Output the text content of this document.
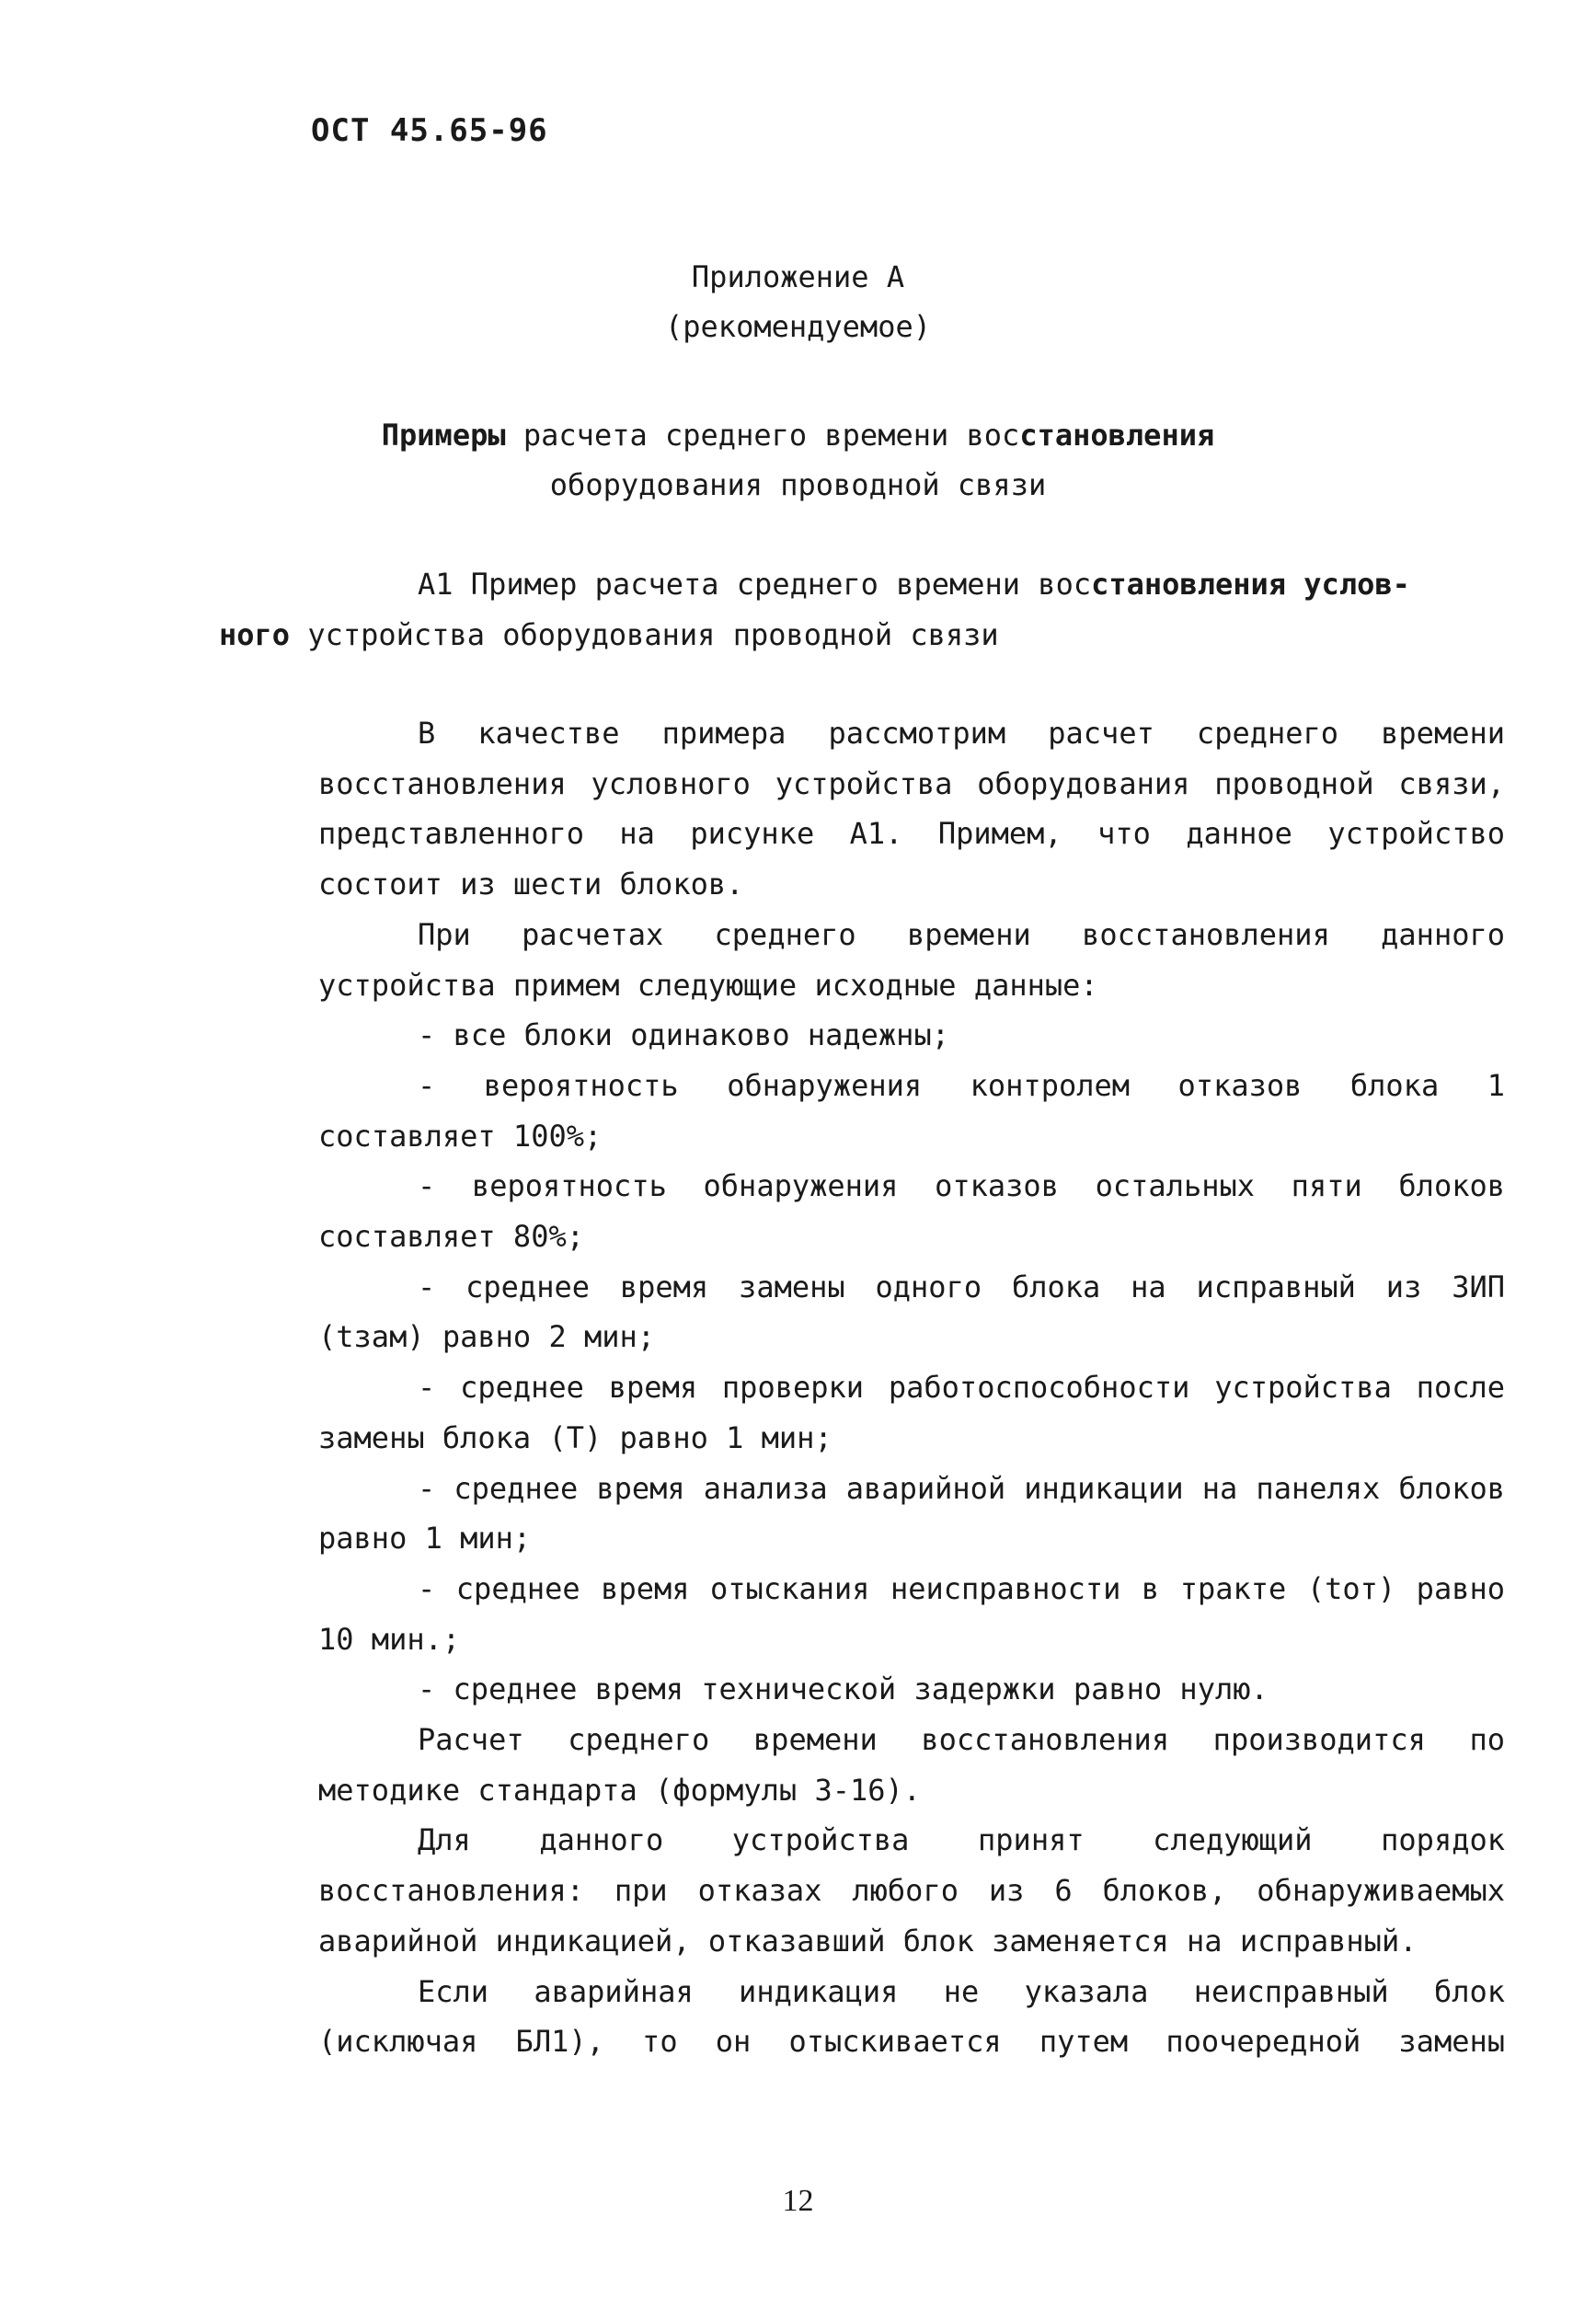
ОСТ 45.65-96
Приложение А
(рекомендуемое)
Примеры расчета среднего времени восстановления
оборудования проводной связи

А1 Пример расчета среднего времени восстановления услов-
ного устройства оборудования проводной связи

В качестве примера рассмотрим расчет среднего времени восстановления условного устройства оборудования проводной связи, представленного на рисунке А1. Примем, что данное устройство состоит из шести блоков.

При расчетах среднего времени восстановления данного устройства примем следующие исходные данные:

- все блоки одинаково надежны;

- вероятность обнаружения контролем отказов блока 1 составляет 100%;

- вероятность обнаружения отказов остальных пяти блоков составляет 80%;

- среднее время замены одного блока на исправный из ЗИП (tзам) равно 2 мин;

- среднее время проверки работоспособности устройства после замены блока (Т) равно 1 мин;

- среднее время анализа аварийной индикации на панелях блоков равно 1 мин;

- среднее время отыскания неисправности в тракте (tот) равно 10 мин.;

- среднее время технической задержки равно нулю.

Расчет среднего времени восстановления производится по методике стандарта (формулы 3-16).

Для данного устройства принят следующий порядок восстановления: при отказах любого из 6 блоков, обнаруживаемых аварийной индикацией, отказавший блок заменяется на исправный.

Если аварийная индикация не указала неисправный блок (исключая БЛ1), то он отыскивается путем поочередной замены

12
